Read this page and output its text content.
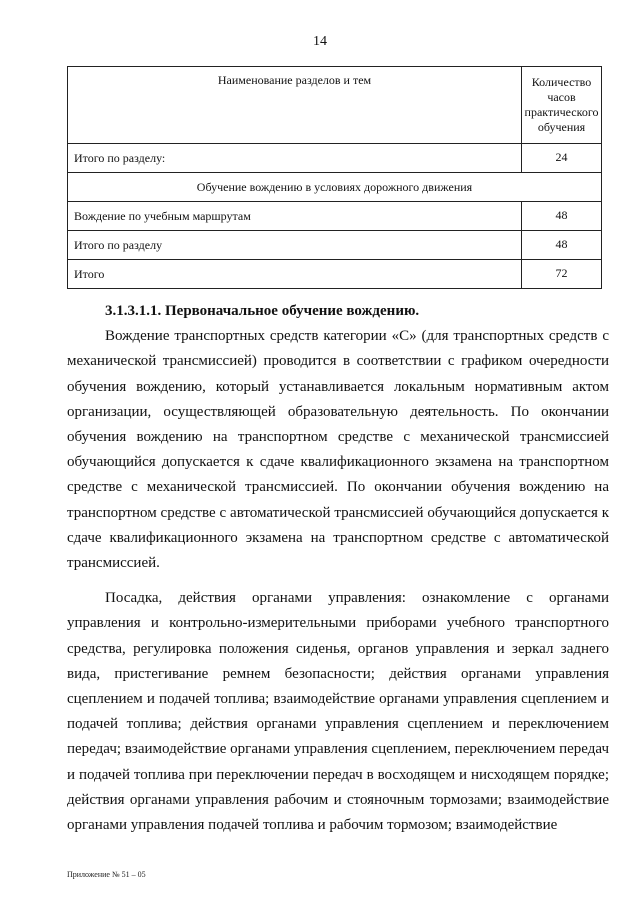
14
Наименование разделов и тем	Количество часов практического обучения
Итого по разделу:	24
Обучение вождению в условиях дорожного движения	
Вождение по учебным маршрутам	48
Итого по разделу	48
Итого	72
3.1.3.1.1. Первоначальное обучение вождению.

Вождение транспортных средств категории «С» (для транспортных средств с механической трансмиссией) проводится в соответствии с графиком очередности обучения вождению, который устанавливается локальным нормативным актом организации, осуществляющей образовательную деятельность. По окончании обучения вождению на транспортном средстве с механической трансмиссией обучающийся допускается к сдаче квалификационного экзамена на транспортном средстве с механической трансмиссией. По окончании обучения вождению на транспортном средстве с автоматической трансмиссией обучающийся допускается к сдаче квалификационного экзамена на транспортном средстве с автоматической трансмиссией.

Посадка, действия органами управления: ознакомление с органами управления и контрольно-измерительными приборами учебного транспортного средства, регулировка положения сиденья, органов управления и зеркал заднего вида, пристегивание ремнем безопасности; действия органами управления сцеплением и подачей топлива; взаимодействие органами управления сцеплением и подачей топлива; действия органами управления сцеплением и переключением передач; взаимодействие органами управления сцеплением, переключением передач и подачей топлива при переключении передач в восходящем и нисходящем порядке; действия органами управления рабочим и стояночным тормозами; взаимодействие органами управления подачей топлива и рабочим тормозом; взаимодействие

Приложение № 51 – 05
